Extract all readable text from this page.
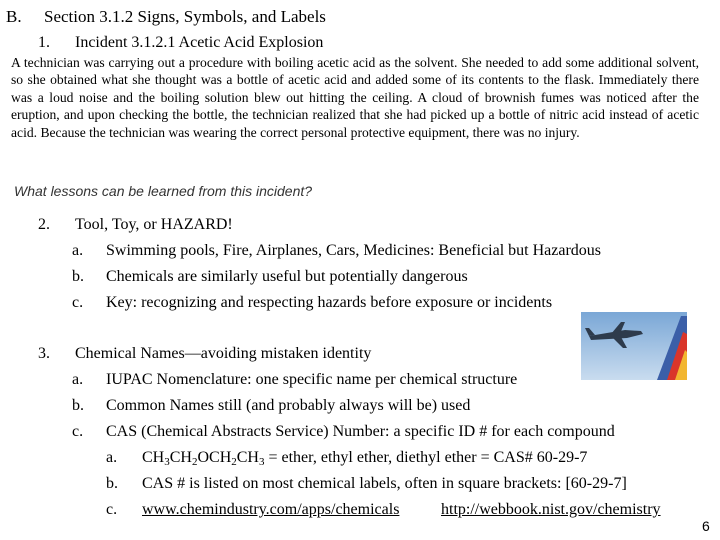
B. Section 3.1.2 Signs, Symbols, and Labels
1. Incident 3.1.2.1 Acetic Acid Explosion
A technician was carrying out a procedure with boiling acetic acid as the solvent. She needed to add some additional solvent, so she obtained what she thought was a bottle of acetic acid and added some of its contents to the flask. Immediately there was a loud noise and the boiling solution blew out hitting the ceiling. A cloud of brownish fumes was noticed after the eruption, and upon checking the bottle, the technician realized that she had picked up a bottle of nitric acid instead of acetic acid. Because the technician was wearing the correct personal protective equipment, there was no injury.
What lessons can be learned from this incident?
2. Tool, Toy, or HAZARD!
a. Swimming pools, Fire, Airplanes, Cars, Medicines: Beneficial but Hazardous
b. Chemicals are similarly useful but potentially dangerous
c. Key: recognizing and respecting hazards before exposure or incidents
3. Chemical Names—avoiding mistaken identity
a. IUPAC Nomenclature: one specific name per chemical structure
b. Common Names still (and probably always will be) used
c. CAS (Chemical Abstracts Service) Number: a specific ID # for each compound
a. $CH_3CH_2OCH_2CH_3$ = ether, ethyl ether, diethyl ether = CAS# 60-29-7
b. CAS # is listed on most chemical labels, often in square brackets: [60-29-7]
c. www.chemindustry.com/apps/chemicals	http://webbook.nist.gov/chemistry
6
